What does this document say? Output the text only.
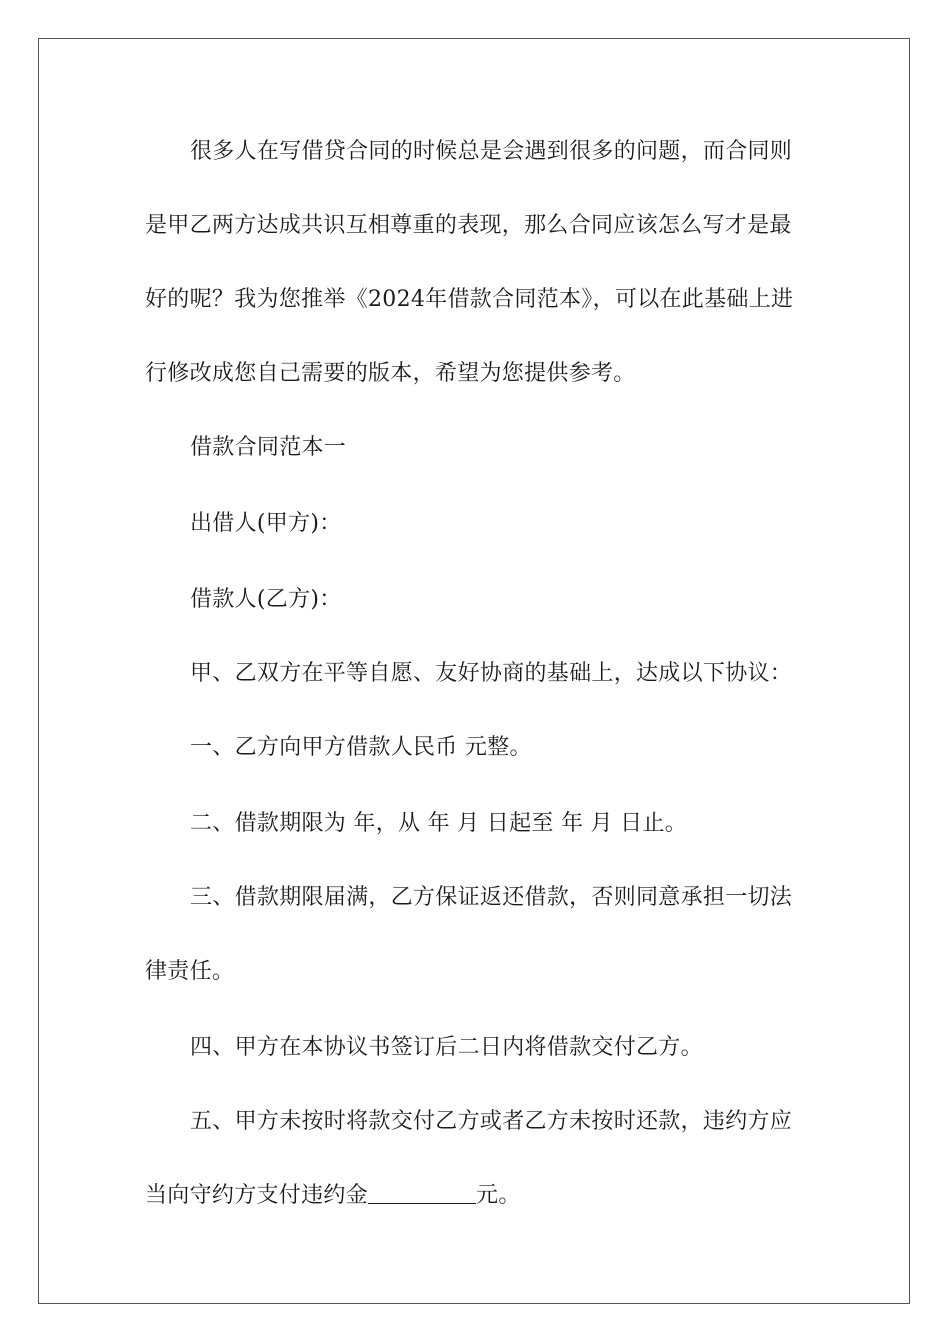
很多人在写借贷合同的时候总是会遇到很多的问题，而合同则
是甲乙两方达成共识互相尊重的表现，那么合同应该怎么写才是最
好的呢？我为您推举《2024年借款合同范本》，可以在此基础上进
行修改成您自己需要的版本，希望为您提供参考。
借款合同范本一
出借人(甲方)：
借款人(乙方)：
甲、乙双方在平等自愿、友好协商的基础上，达成以下协议：
一、乙方向甲方借款人民币 元整。
二、借款期限为 年，从 年 月 日起至 年 月 日止。
三、借款期限届满，乙方保证返还借款，否则同意承担一切法
律责任。
四、甲方在本协议书签订后二日内将借款交付乙方。
五、甲方未按时将款交付乙方或者乙方未按时还款，违约方应
当向守约方支付违约金	元。
